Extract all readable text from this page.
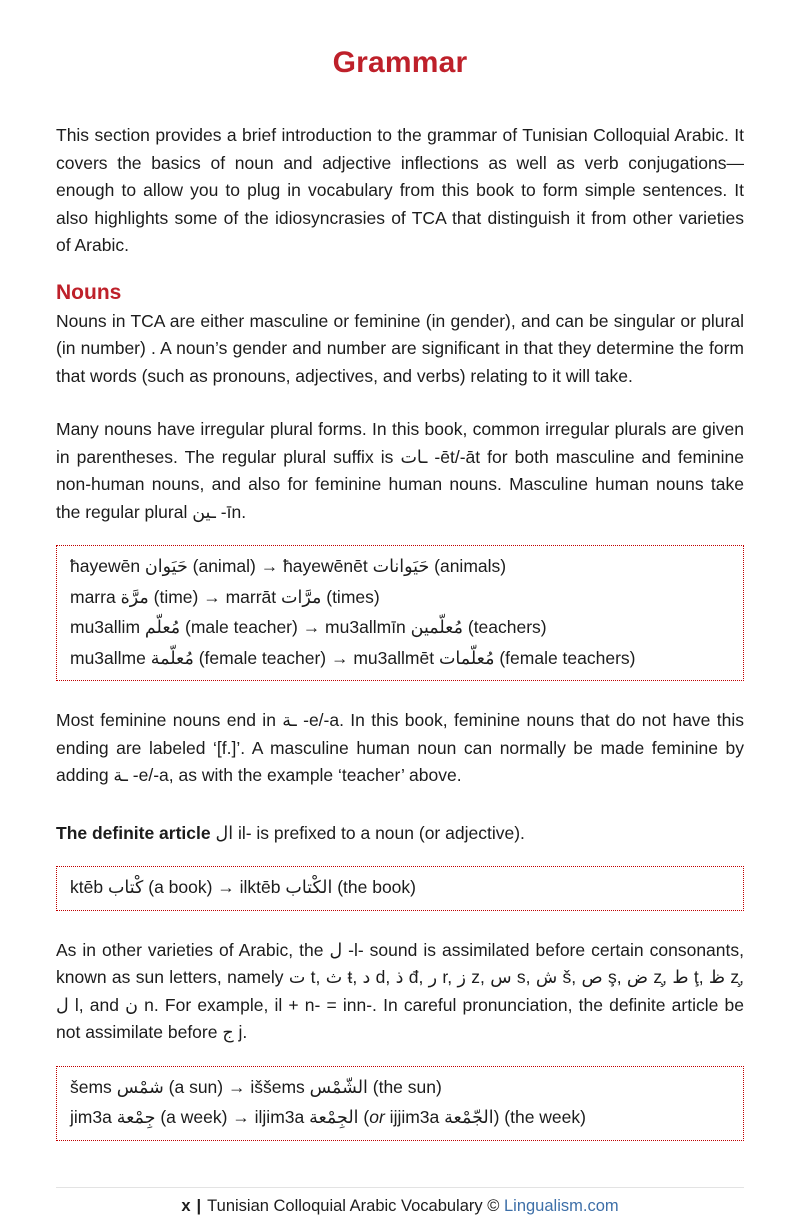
Grammar

This section provides a brief introduction to the grammar of Tunisian Colloquial Arabic. It covers the basics of noun and adjective inflections as well as verb conjugations—enough to allow you to plug in vocabulary from this book to form simple sentences. It also highlights some of the idiosyncrasies of TCA that distinguish it from other varieties of Arabic.

Nouns

Nouns in TCA are either masculine or feminine (in gender), and can be singular or plural (in number) . A noun’s gender and number are significant in that they determine the form that words (such as pronouns, adjectives, and verbs) relating to it will take.

Many nouns have irregular plural forms. In this book, common irregular plurals are given in parentheses. The regular plural suffix is ـات -ēt/-āt for both masculine and feminine non-human nouns, and also for feminine human nouns. Masculine human nouns take the regular plural ـين -īn.

ħayewēn حَيَوان (animal) → ħayewēnēt حَيَوانات (animals)
marra مرَّة (time) → marrāt مرَّات (times)
mu3allim مُعلّم (male teacher) → mu3allmīn مُعلّمين (teachers)
mu3allme مُعلّمة (female teacher) → mu3allmēt مُعلّمات (female teachers)

Most feminine nouns end in ـة -e/-a. In this book, feminine nouns that do not have this ending are labeled ‘[f.]’. A masculine human noun can normally be made feminine by adding ـة -e/-a, as with the example ‘teacher’ above.

The definite article ال il- is prefixed to a noun (or adjective).

ktēb كْتاب (a book) → ilktēb الكْتاب (the book)

As in other varieties of Arabic, the ل -l- sound is assimilated before certain consonants, known as sun letters, namely ت t, ث ŧ, د d, ذ đ, ر r, ز z, س s, ش š, ص ş, ض z̧, ط ţ, ظ z̧, ل l, and ن n. For example, il + n- = inn-. In careful pronunciation, the definite article be not assimilate before ج j.

šems شمْس (a sun) → iššems الشّمْس (the sun)
jim3a جِمْعة (a week) → iljim3a الجِمْعة (or ijjim3a الجّمْعة) (the week)
x | Tunisian Colloquial Arabic Vocabulary © Lingualism.com
